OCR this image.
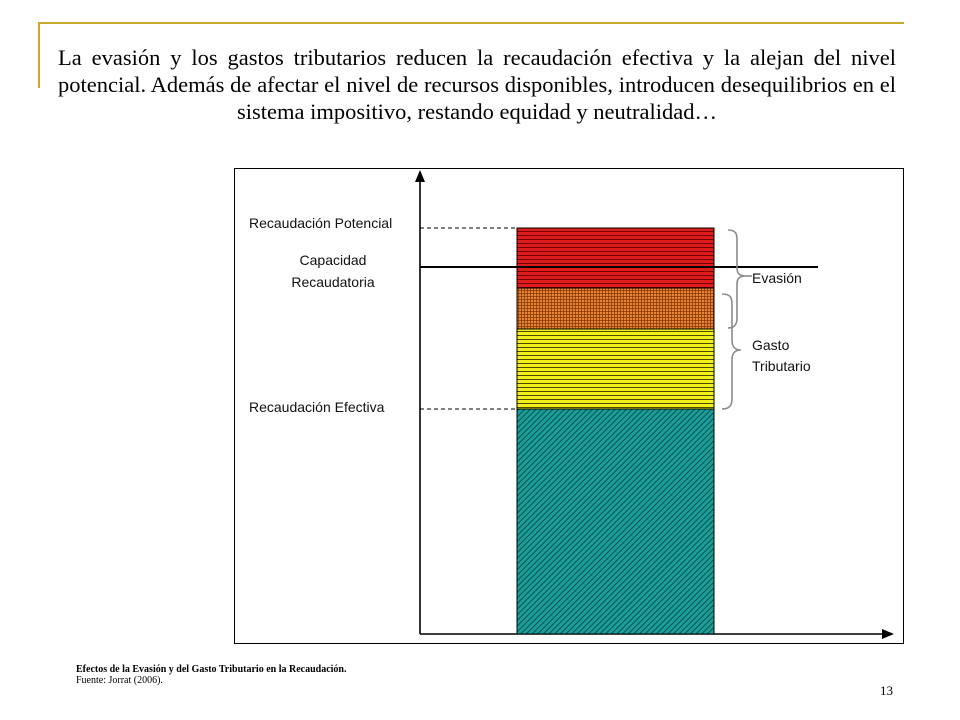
La evasión y los gastos tributarios reducen la recaudación efectiva y la alejan del nivel potencial. Además de afectar el nivel de recursos disponibles, introducen desequilibrios en el sistema impositivo, restando equidad y neutralidad…

Recaudación Potencial
Capacidad
Recaudatoria
Recaudación Efectiva
Evasión
Gasto
Tributario
Efectos de la Evasión y del Gasto Tributario en la Recaudación.
Fuente: Jorrat (2006).
13
